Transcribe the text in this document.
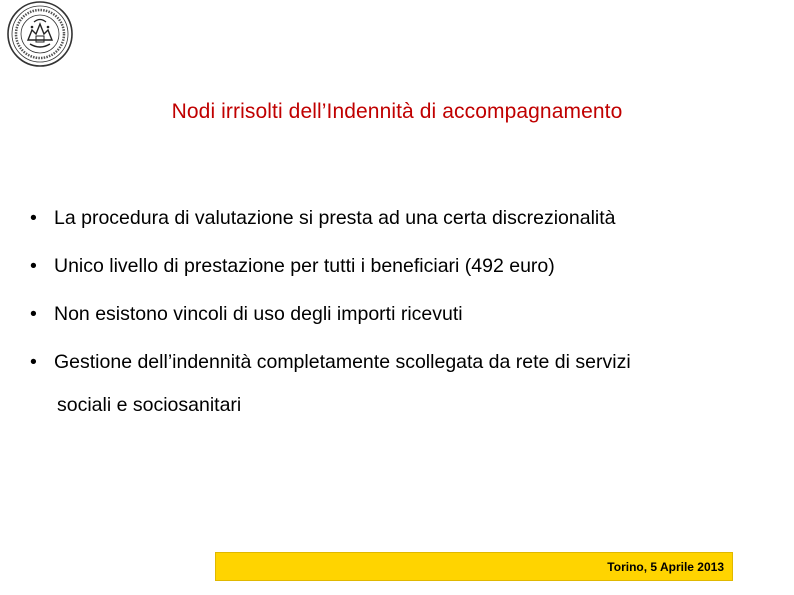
Nodi irrisolti dell’Indennità di accompagnamento
• La procedura di valutazione si presta ad una certa discrezionalità
• Unico livello di prestazione per tutti i beneficiari (492 euro)
• Non esistono vincoli di uso degli importi ricevuti
• Gestione dell’indennità completamente scollegata da rete di servizi
sociali e sociosanitari
Torino, 5 Aprile 2013
